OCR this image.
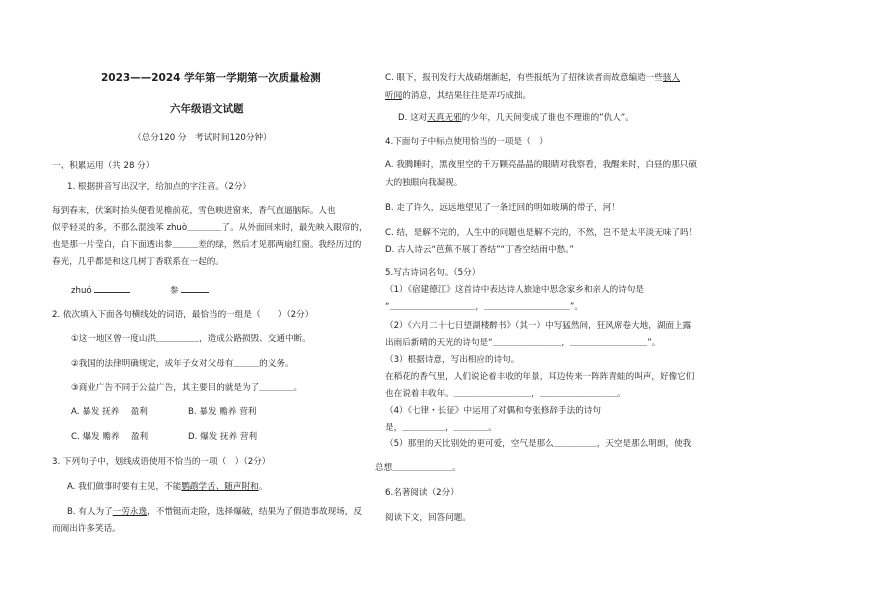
2023——2024 学年第一学期第一次质量检测
六年级语文试题
（总分120 分　考试时间120分钟）
一、积累运用（共 28 分）
1. 根据拼音写出汉字，给加点的字注音。（2分）
每到春末，伏案时抬头便看见檐前花，雪色映进窗来，香气直逼脑际。人也
似乎轻灵的多，不那么混浊苯 zhuò＿＿＿＿了。从外面回来时，最先映入眼帘的，
也是那一片莹白，白下面透出参＿＿＿差的绿，然后才见那两扇红窗。我经历过的
春光，几乎都是和这几树丁香联系在一起的。
zhuó	参
2. 依次填入下面各句横线处的词语，最恰当的一组是（　　）（2分）
①这一地区曾一度山洪＿＿＿＿＿，造成公路损毁、交通中断。
②我国的法律明确规定，成年子女对父母有＿＿＿的义务。
③商业广告不同于公益广告，其主要目的就是为了＿＿＿＿。
A. 暴发 抚养　 盈利	B. 暴发 赡养 营利
C. 爆发 赡养　 盈利	D. 爆发 抚养 营利
3. 下列句子中，划线成语使用不恰当的一项（　）（2分）
A. 我们做事时要有主见，不能鹦鹉学舌、随声附和。
B. 有人为了一劳永逸，不惜铤而走险，选择爆破，结果为了假造事故现场，反
而闹出许多笑话。
C. 眼下，报刊发行大战硝烟渐起，有些报纸为了招徕读者而故意编造一些骇人
听闻的消息，其结果往往是弄巧成拙。
D. 这对天真无邪的少年，几天间变成了谁也不理谁的”仇人”。
4.下面句子中标点使用恰当的一项是（　）
A. 我腾睡时，黑夜里空的千万颗亮晶晶的眼睛对我察看，我醒来时，白昼的那只硕
大的独眼向我凝视。
B. 走了许久，远远地望见了一条迁回的明如玻璃的带子，河！
C. 结，是解不完的，人生中的问题也是解不完的，不然，岂不是太平淡无味了吗！
D. 古人诗云“芭蕉不展丁香结”“丁香空结雨中愁。”
5.写古诗词名句。（5分）
（1）《宿建德江》这首诗中表达诗人旅途中思念家乡和亲人的诗句是
“＿＿＿＿＿＿＿＿＿＿，＿＿＿＿＿＿＿＿＿＿”。
（2）《六月二十七日望湖楼醉书》（其一）中写猛然间，狂风席卷大地，湖面上露
出雨后新晴的天光的诗句是“＿＿＿＿＿＿＿＿，＿＿＿＿＿＿＿＿＿”。
（3）根据诗意，写出相应的诗句。
在稻花的香气里，人们说论着丰收的年景，耳边传来一阵阵青蛙的叫声，好像它们
也在说着丰收年。＿＿＿＿＿＿＿＿＿，＿＿＿＿＿＿＿＿＿。
（4）《七律・长征》中运用了对偶和夸张修辞手法的诗句
是，＿＿＿＿＿，＿＿＿＿。
（5）那里的天比别处的更可爱，空气是那么＿＿＿＿＿，天空是那么明朗，使我
总想＿＿＿＿＿＿＿。
6.名著阅读（2分）
阅读下文，回答问题。
